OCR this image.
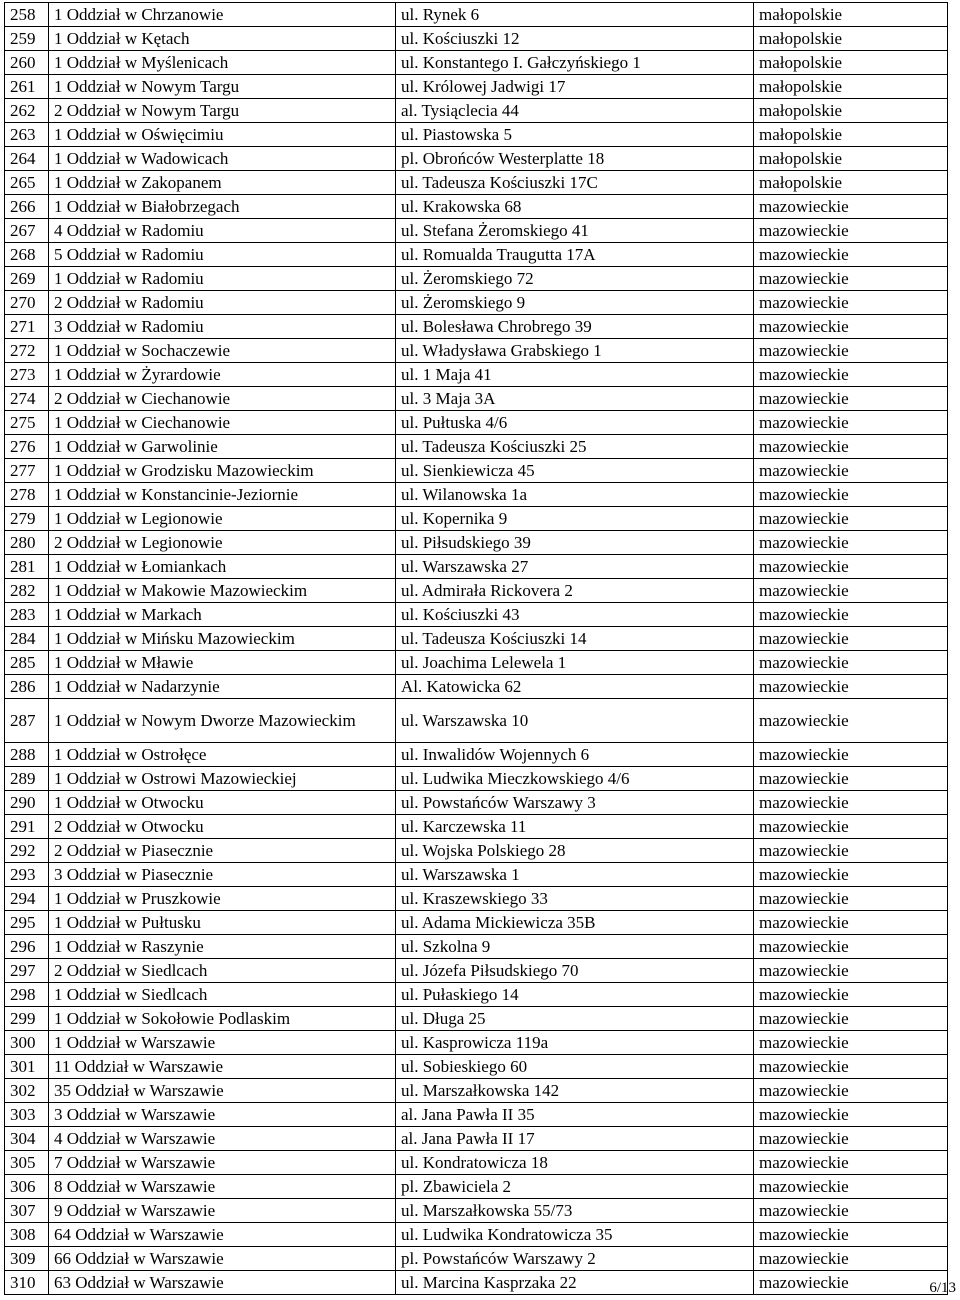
258	1 Oddział w Chrzanowie	ul. Rynek 6	małopolskie
259	1 Oddział w Kętach	ul. Kościuszki 12	małopolskie
260	1 Oddział w Myślenicach	ul. Konstantego I. Gałczyńskiego 1	małopolskie
261	1 Oddział w Nowym Targu	ul. Królowej Jadwigi 17	małopolskie
262	2 Oddział w Nowym Targu	al. Tysiąclecia 44	małopolskie
263	1 Oddział w Oświęcimiu	ul. Piastowska 5	małopolskie
264	1 Oddział w Wadowicach	pl. Obrońców Westerplatte 18	małopolskie
265	1 Oddział w Zakopanem	ul. Tadeusza Kościuszki 17C	małopolskie
266	1 Oddział w Białobrzegach	ul. Krakowska 68	mazowieckie
267	4 Oddział w Radomiu	ul. Stefana Żeromskiego 41	mazowieckie
268	5 Oddział w Radomiu	ul. Romualda Traugutta 17A	mazowieckie
269	1 Oddział w Radomiu	ul. Żeromskiego 72	mazowieckie
270	2 Oddział w Radomiu	ul. Żeromskiego 9	mazowieckie
271	3 Oddział w Radomiu	ul. Bolesława Chrobrego 39	mazowieckie
272	1 Oddział w Sochaczewie	ul. Władysława Grabskiego 1	mazowieckie
273	1 Oddział w Żyrardowie	ul. 1 Maja 41	mazowieckie
274	2 Oddział w Ciechanowie	ul. 3 Maja 3A	mazowieckie
275	1 Oddział w Ciechanowie	ul. Pułtuska 4/6	mazowieckie
276	1 Oddział w Garwolinie	ul. Tadeusza Kościuszki 25	mazowieckie
277	1 Oddział w Grodzisku Mazowieckim	ul. Sienkiewicza 45	mazowieckie
278	1 Oddział w Konstancinie-Jeziornie	ul. Wilanowska 1a	mazowieckie
279	1 Oddział w Legionowie	ul. Kopernika 9	mazowieckie
280	2 Oddział w Legionowie	ul. Piłsudskiego 39	mazowieckie
281	1 Oddział w Łomiankach	ul. Warszawska 27	mazowieckie
282	1 Oddział w Makowie Mazowieckim	ul. Admirała Rickovera 2	mazowieckie
283	1 Oddział w Markach	ul. Kościuszki 43	mazowieckie
284	1 Oddział w Mińsku Mazowieckim	ul. Tadeusza Kościuszki 14	mazowieckie
285	1 Oddział w Mławie	ul. Joachima Lelewela 1	mazowieckie
286	1 Oddział w Nadarzynie	Al. Katowicka 62	mazowieckie
287	1 Oddział w Nowym Dworze Mazowieckim	ul. Warszawska 10	mazowieckie
288	1 Oddział w Ostrołęce	ul. Inwalidów Wojennych 6	mazowieckie
289	1 Oddział w Ostrowi Mazowieckiej	ul. Ludwika Mieczkowskiego 4/6	mazowieckie
290	1 Oddział w Otwocku	ul. Powstańców Warszawy 3	mazowieckie
291	2 Oddział w Otwocku	ul. Karczewska 11	mazowieckie
292	2 Oddział w Piasecznie	ul. Wojska Polskiego 28	mazowieckie
293	3 Oddział w Piasecznie	ul. Warszawska 1	mazowieckie
294	1 Oddział w Pruszkowie	ul. Kraszewskiego 33	mazowieckie
295	1 Oddział w Pułtusku	ul. Adama Mickiewicza 35B	mazowieckie
296	1 Oddział w Raszynie	ul. Szkolna 9	mazowieckie
297	2 Oddział w Siedlcach	ul. Józefa Piłsudskiego 70	mazowieckie
298	1 Oddział w Siedlcach	ul. Pułaskiego 14	mazowieckie
299	1 Oddział w Sokołowie Podlaskim	ul. Długa 25	mazowieckie
300	1 Oddział w Warszawie	ul. Kasprowicza 119a	mazowieckie
301	11 Oddział w Warszawie	ul. Sobieskiego 60	mazowieckie
302	35 Oddział w Warszawie	ul. Marszałkowska 142	mazowieckie
303	3 Oddział w Warszawie	al. Jana Pawła II 35	mazowieckie
304	4 Oddział w Warszawie	al. Jana Pawła II 17	mazowieckie
305	7 Oddział w Warszawie	ul. Kondratowicza 18	mazowieckie
306	8 Oddział w Warszawie	pl. Zbawiciela 2	mazowieckie
307	9 Oddział w Warszawie	ul. Marszałkowska 55/73	mazowieckie
308	64 Oddział w Warszawie	ul. Ludwika Kondratowicza 35	mazowieckie
309	66 Oddział w Warszawie	pl. Powstańców Warszawy 2	mazowieckie
310	63 Oddział w Warszawie	ul. Marcina Kasprzaka 22	mazowieckie	6/13
